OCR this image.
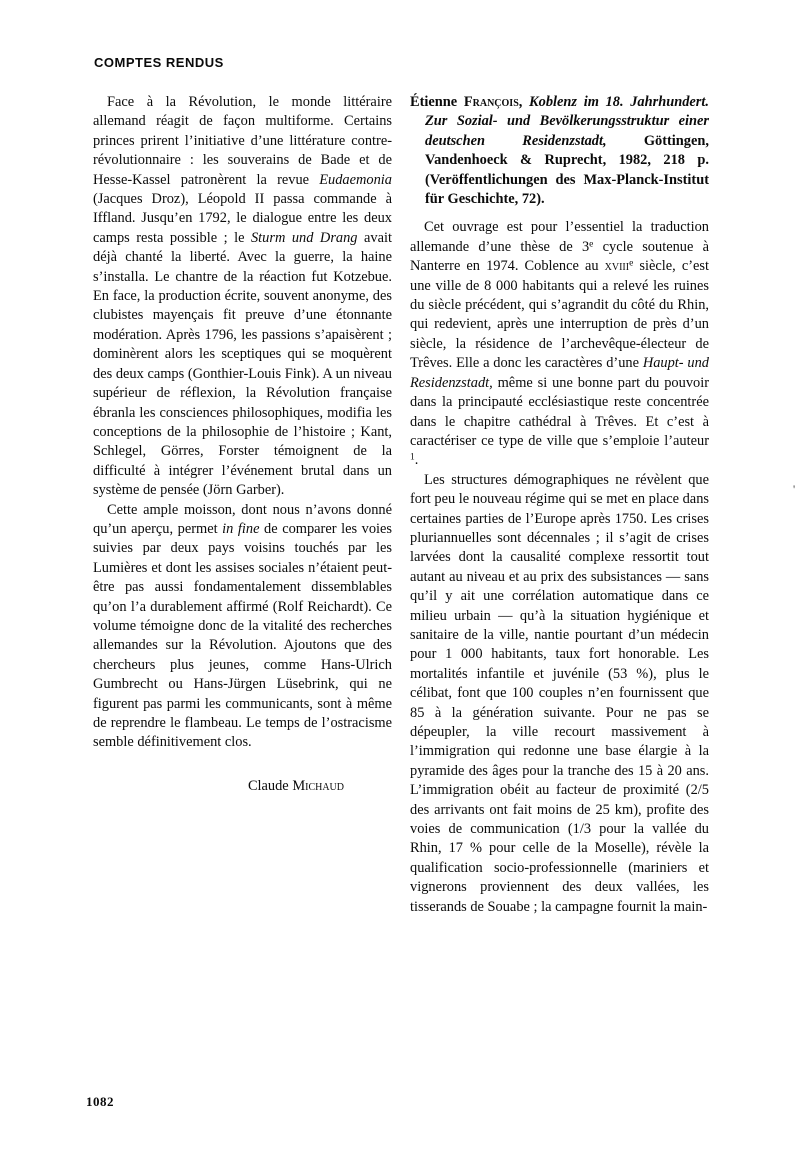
COMPTES RENDUS

Face à la Révolution, le monde littéraire allemand réagit de façon multiforme. Certains princes prirent l’initiative d’une littérature contre-révolutionnaire : les souverains de Bade et de Hesse-Kassel patronèrent la revue Eudaemonia (Jacques Droz), Léopold II passa commande à Iffland. Jusqu’en 1792, le dialogue entre les deux camps resta possible ; le Sturm und Drang avait déjà chanté la liberté. Avec la guerre, la haine s’installa. Le chantre de la réaction fut Kotzebue. En face, la production écrite, souvent anonyme, des clubistes mayençais fit preuve d’une étonnante modération. Après 1796, les passions s’apaisèrent ; dominèrent alors les sceptiques qui se moquèrent des deux camps (Gonthier-Louis Fink). A un niveau supérieur de réflexion, la Révolution française ébranla les consciences philosophiques, modifia les conceptions de la philosophie de l’histoire ; Kant, Schlegel, Görres, Forster témoignent de la difficulté à intégrer l’événement brutal dans un système de pensée (Jörn Garber).

Cette ample moisson, dont nous n’avons donné qu’un aperçu, permet in fine de comparer les voies suivies par deux pays voisins touchés par les Lumières et dont les assises sociales n’étaient peut-être pas aussi fondamentalement dissemblables qu’on l’a durablement affirmé (Rolf Reichardt). Ce volume témoigne donc de la vitalité des recherches allemandes sur la Révolution. Ajoutons que des chercheurs plus jeunes, comme Hans-Ulrich Gumbrecht ou Hans-Jürgen Lüsebrink, qui ne figurent pas parmi les communicants, sont à même de reprendre le flambeau. Le temps de l’ostracisme semble définitivement clos.

Claude Michaud

Étienne François, Koblenz im 18. Jahrhundert. Zur Sozial- und Bevölkerungsstruktur einer deutschen Residenzstadt, Göttingen, Vandenhoeck & Ruprecht, 1982, 218 p. (Veröffentlichungen des Max-Planck-Institut für Geschichte, 72).

Cet ouvrage est pour l’essentiel la traduction allemande d’une thèse de 3e cycle soutenue à Nanterre en 1974. Coblence au xviii$^e$ siècle, c’est une ville de 8 000 habitants qui a relevé les ruines du siècle précédent, qui s’agrandit du côté du Rhin, qui redevient, après une interruption de près d’un siècle, la résidence de l’archevêque-électeur de Trêves. Elle a donc les caractères d’une Haupt- und Residenzstadt, même si une bonne part du pouvoir dans la principauté ecclésiastique reste concentrée dans le chapitre cathédral à Trêves. Et c’est à caractériser ce type de ville que s’emploie l’auteur $^1$.

Les structures démographiques ne révèlent que fort peu le nouveau régime qui se met en place dans certaines parties de l’Europe après 1750. Les crises pluriannuelles sont décennales ; il s’agit de crises larvées dont la causalité complexe ressortit tout autant au niveau et au prix des subsistances — sans qu’il y ait une corrélation automatique dans ce milieu urbain — qu’à la situation hygiénique et sanitaire de la ville, nantie pourtant d’un médecin pour 1 000 habitants, taux fort honorable. Les mortalités infantile et juvénile (53 %), plus le célibat, font que 100 couples n’en fournissent que 85 à la génération suivante. Pour ne pas se dépeupler, la ville recourt massivement à l’immigration qui redonne une base élargie à la pyramide des âges pour la tranche des 15 à 20 ans. L’immigration obéit au facteur de proximité (2/5 des arrivants ont fait moins de 25 km), profite des voies de communication (1/3 pour la vallée du Rhin, 17 % pour celle de la Moselle), révèle la qualification socio-professionnelle (mariniers et vignerons proviennent des deux vallées, les tisserands de Souabe ; la campagne fournit la main-

1082
'
